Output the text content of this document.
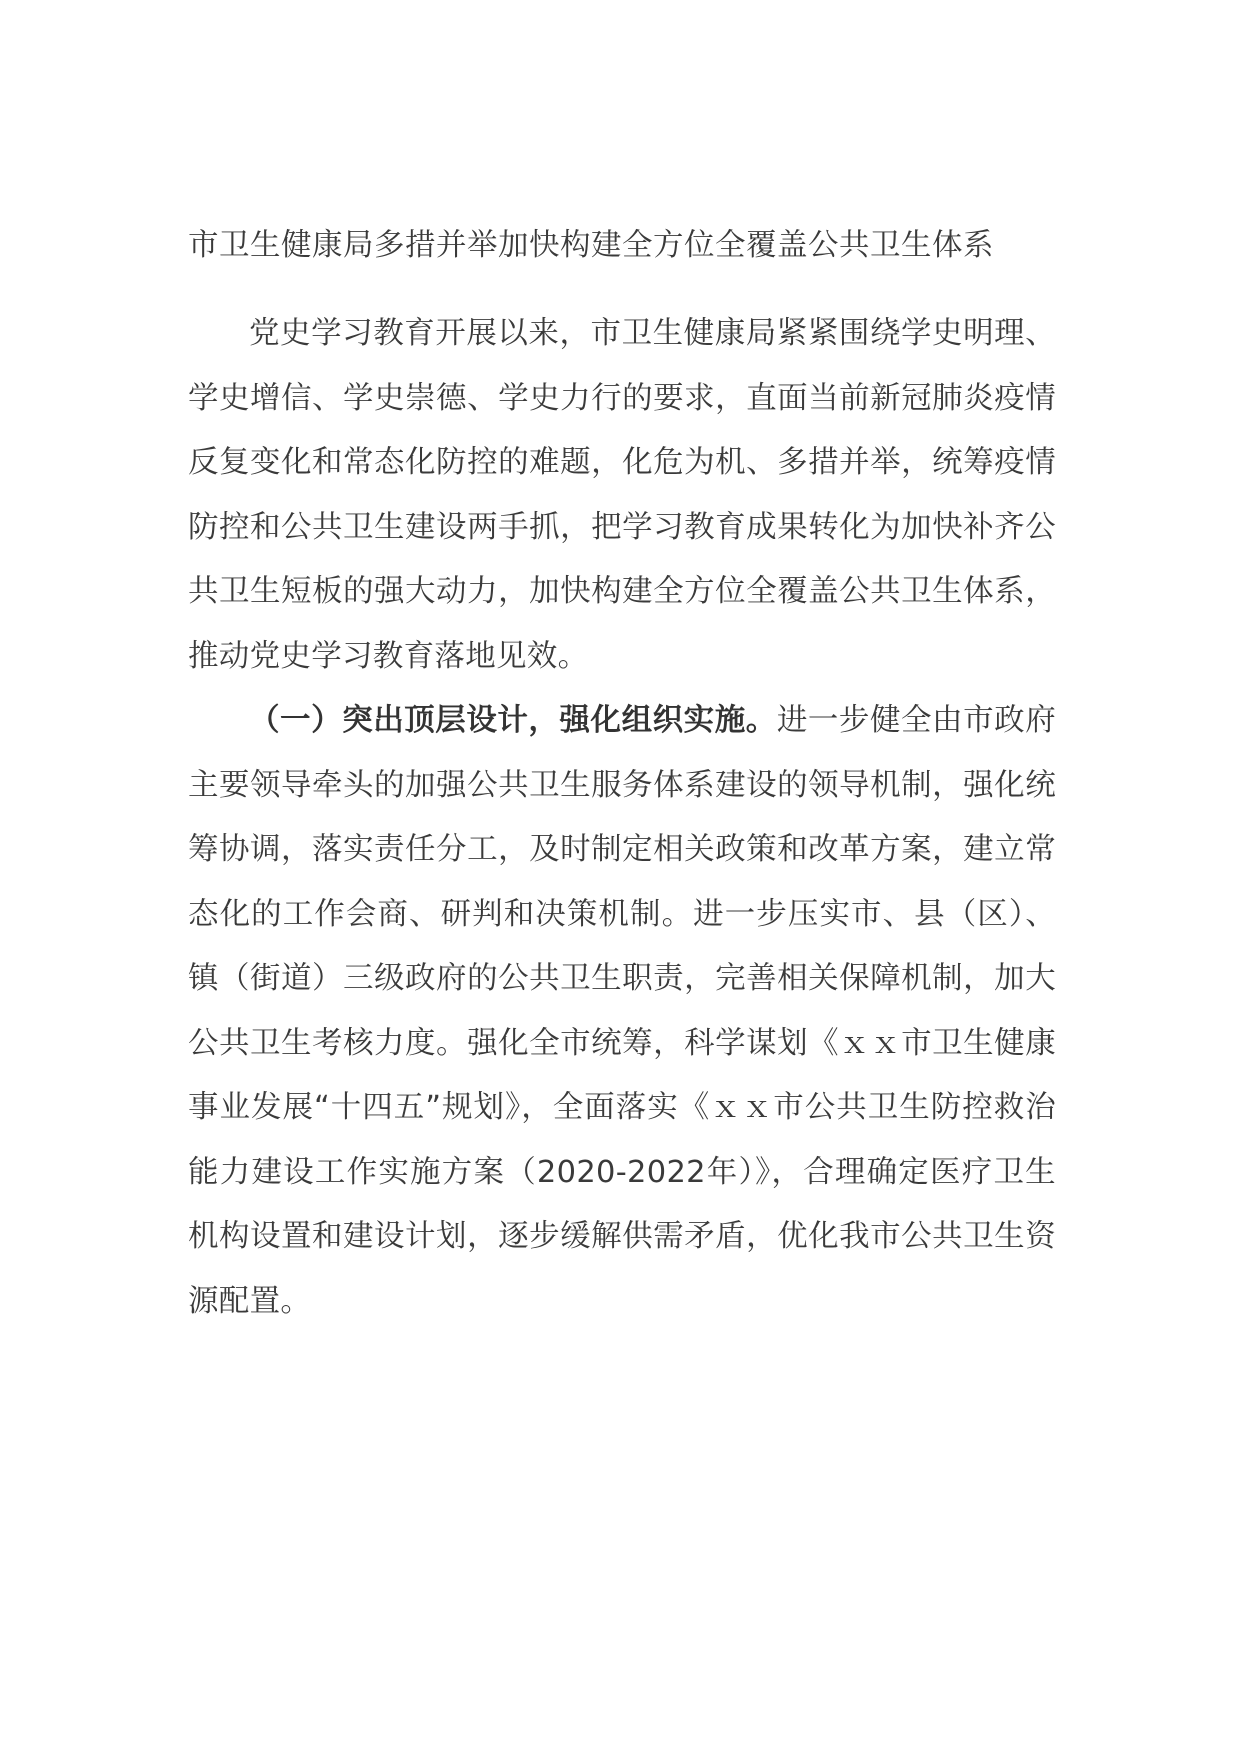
市卫生健康局多措并举加快构建全方位全覆盖公共卫生体系

党史学习教育开展以来，市卫生健康局紧紧围绕学史明理、学史增信、学史崇德、学史力行的要求，直面当前新冠肺炎疫情反复变化和常态化防控的难题，化危为机、多措并举，统筹疫情防控和公共卫生建设两手抓，把学习教育成果转化为加快补齐公共卫生短板的强大动力，加快构建全方位全覆盖公共卫生体系，推动党史学习教育落地见效。

（一）突出顶层设计，强化组织实施。进一步健全由市政府主要领导牵头的加强公共卫生服务体系建设的领导机制，强化统筹协调，落实责任分工，及时制定相关政策和改革方案，建立常态化的工作会商、研判和决策机制。进一步压实市、县（区）、镇（街道）三级政府的公共卫生职责，完善相关保障机制，加大公共卫生考核力度。强化全市统筹，科学谋划《ｘｘ市卫生健康事业发展“十四五”规划》，全面落实《ｘｘ市公共卫生防控救治能力建设工作实施方案（2020-2022年）》，合理确定医疗卫生机构设置和建设计划，逐步缓解供需矛盾，优化我市公共卫生资源配置。
